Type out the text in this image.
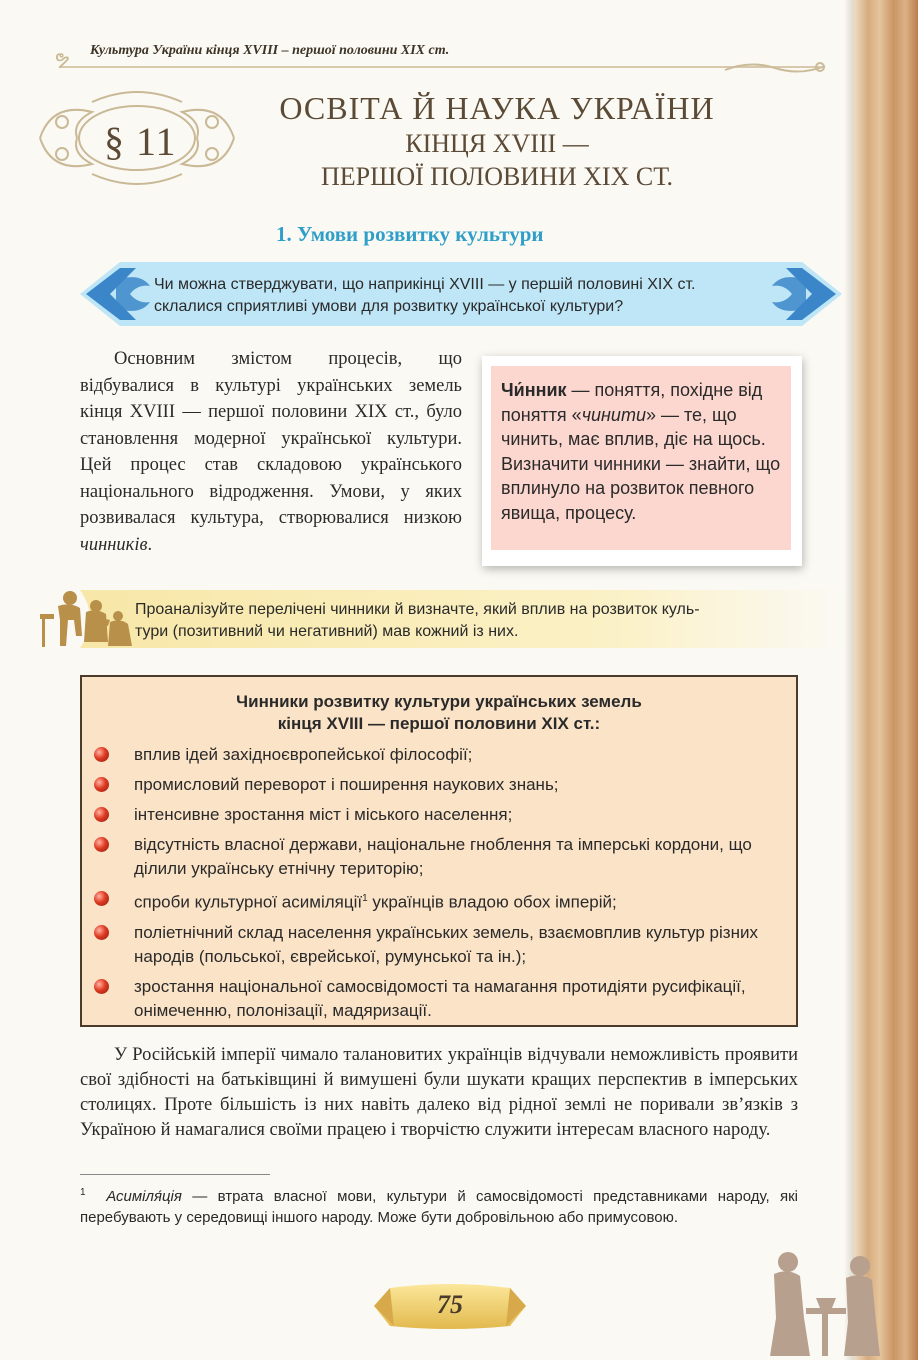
Культура України кінця XVIII – першої половини XIX ст.
ຯ
§ 11
ОСВІТА Й НАУКА УКРАЇНИ
КІНЦЯ XVIII —
ПЕРШОЇ ПОЛОВИНИ XIX СТ.
1. Умови розвитку культури
Чи можна стверджувати, що наприкінці XVIII — у першій половині XIX ст.
склалися сприятливі умови для розвитку української культури?

Основним змістом процесів, що відбувалися в культурі українських земель кінця XVIII — першої половини XIX ст., було становлення модерної української культури. Цей процес став складовою українського національного відродження. Умови, у яких розвивалася культура, створювалися низкою чинників.

Чи́нник — поняття, похідне від поняття «чинити» — те, що чинить, має вплив, діє на щось. Визначити чинники — знайти, що вплинуло на розвиток певного явища, процесу.
Проаналізуйте перелічені чинники й визначте, який вплив на розвиток куль-
тури (позитивний чи негативний) мав кожний із них.
Чинники розвитку культури українських земель
кінця XVIII — першої половини XIX ст.:
вплив ідей західноєвропейської філософії;
промисловий переворот і поширення наукових знань;
інтенсивне зростання міст і міського населення;
відсутність власної держави, національне гноблення та імперські кордони, що ділили українську етнічну територію;
спроби культурної асиміляції$^1$ українців владою обох імперій;
поліетнічний склад населення українських земель, взаємовплив культур різних народів (польської, єврейської, румунської та ін.);
зростання національної самосвідомості та намагання протидіяти русифікації, онімеченню, полонізації, мадяризації.

У Російській імперії чимало талановитих українців відчували неможливість проявити свої здібності на батьківщині й вимушені були шукати кращих перспектив в імперських столицях. Проте більшість із них навіть далеко від рідної землі не поривали зв’язків з Україною й намагалися своїми працею і творчістю служити інтересам власного народу.

$^1$ Асиміля́ція — втрата власної мови, культури й самосвідомості представниками народу, які перебувають у середовищі іншого народу. Може бути добровільною або примусовою.
75
